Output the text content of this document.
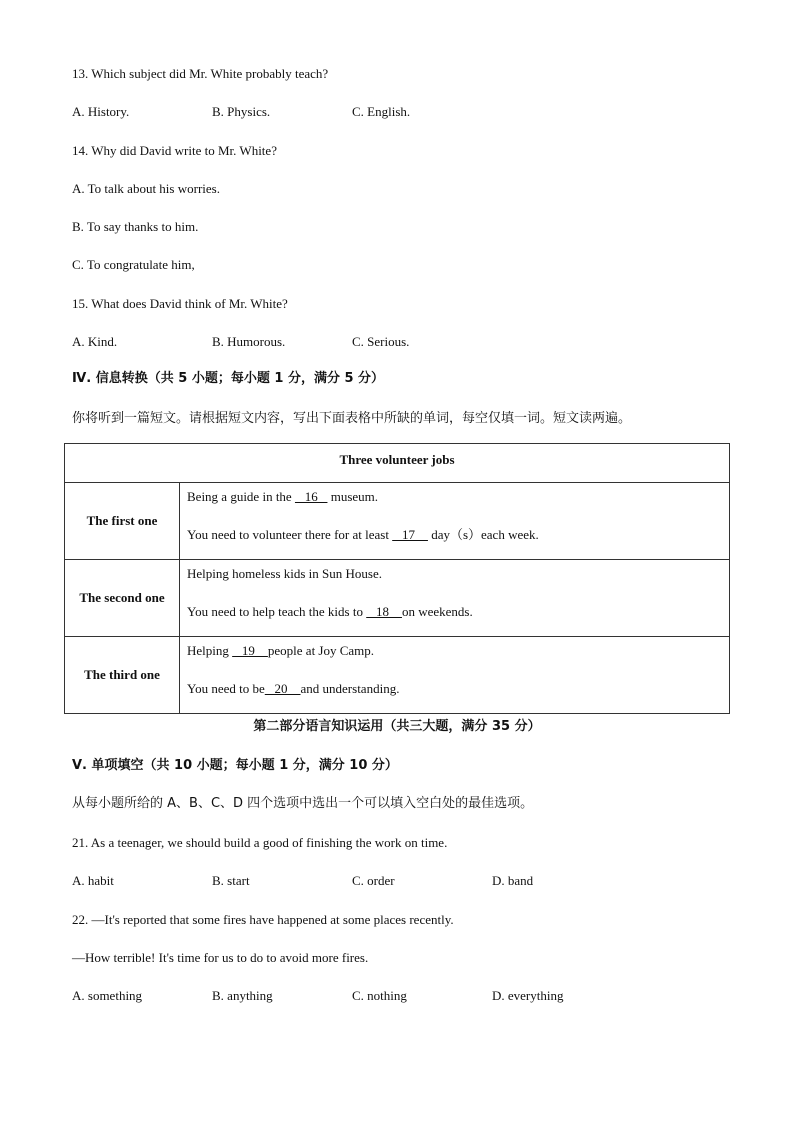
13. Which subject did Mr. White probably teach?
A. History.	B. Physics.	C. English.
14. Why did David write to Mr. White?
A. To talk about his worries.
B. To say thanks to him.
C. To congratulate him,
15. What does David think of Mr. White?
A. Kind.	B. Humorous.	C. Serious.
Ⅳ. 信息转换（共 5 小题；每小题 1 分，满分 5 分）
你将听到一篇短文。请根据短文内容，写出下面表格中所缺的单词，每空仅填一词。短文读两遍。
Three volunteer jobs	

The first one	Being a guide in the    16    museum.
You need to volunteer there for at least    17     day（s）each week.

The second one	Helping homeless kids in Sun House.
You need to help teach the kids to    18    on weekends.

The third one	Helping    19    people at Joy Camp.
You need to be   20    and understanding.
第二部分语言知识运用（共三大题，满分 35 分）
Ⅴ. 单项填空（共 10 小题；每小题 1 分，满分 10 分）
从每小题所给的 A、B、C、D 四个选项中选出一个可以填入空白处的最佳选项。
21. As a teenager, we should build a good of finishing the work on time.
A. habit	B. start	C. order	D. band
22. —It's reported that some fires have happened at some places recently.
—How terrible! It's time for us to do to avoid more fires.
A. something	B. anything	C. nothing	D. everything
